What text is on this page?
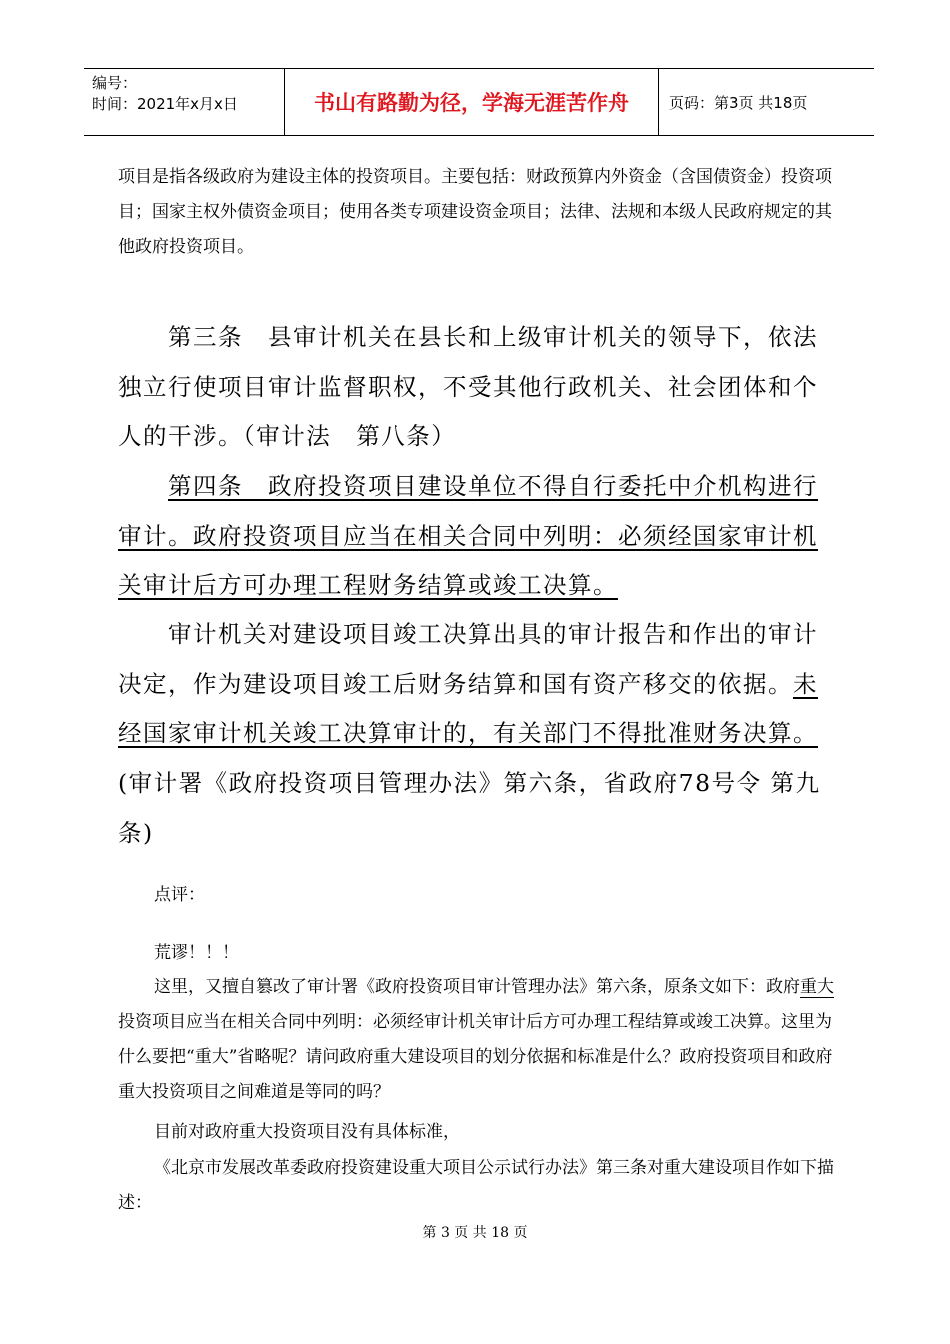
编号：
时间：2021年x月x日	书山有路勤为径，学海无涯苦作舟	页码：第3页 共18页

项目是指各级政府为建设主体的投资项目。主要包括：财政预算内外资金（含国债资金）投资项目；国家主权外债资金项目；使用各类专项建设资金项目；法律、法规和本级人民政府规定的其他政府投资项目。

第三条　县审计机关在县长和上级审计机关的领导下，依法独立行使项目审计监督职权，不受其他行政机关、社会团体和个人的干涉。（审计法　第八条）

第四条　政府投资项目建设单位不得自行委托中介机构进行审计。政府投资项目应当在相关合同中列明：必须经国家审计机关审计后方可办理工程财务结算或竣工决算。

审计机关对建设项目竣工决算出具的审计报告和作出的审计决定，作为建设项目竣工后财务结算和国有资产移交的依据。未经国家审计机关竣工决算审计的，有关部门不得批准财务决算。

(审计署《政府投资项目管理办法》第六条，省政府78号令 第九条)

点评：

荒谬！！！

这里，又擅自篡改了审计署《政府投资项目审计管理办法》第六条，原条文如下：政府重大投资项目应当在相关合同中列明：必须经审计机关审计后方可办理工程结算或竣工决算。这里为什么要把“重大”省略呢？请问政府重大建设项目的划分依据和标准是什么？政府投资项目和政府重大投资项目之间难道是等同的吗？

目前对政府重大投资项目没有具体标准，

《北京市发展改革委政府投资建设重大项目公示试行办法》第三条对重大建设项目作如下描述：

第 3 页 共 18 页
